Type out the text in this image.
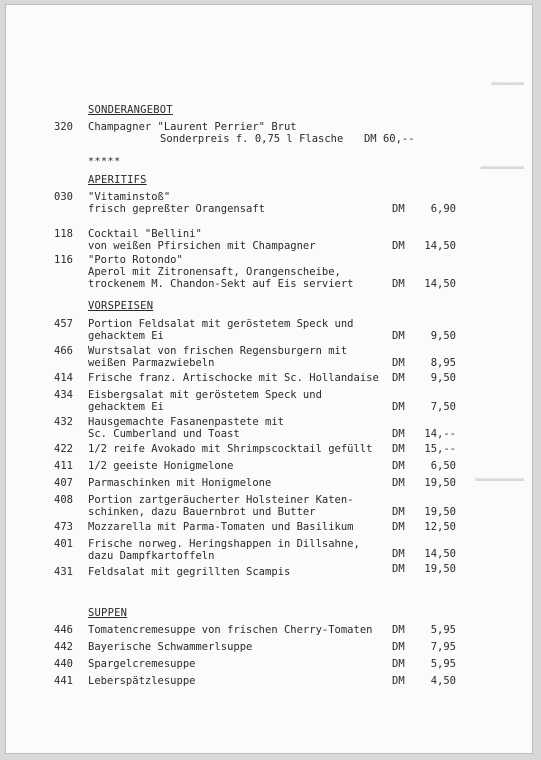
▬▬▬▬▬▬
▬▬▬▬▬▬▬▬
▬▬▬▬▬▬▬▬▬
SONDERANGEBOT
320	Champagner "Laurent Perrier" Brut
Sonderpreis f. 0,75 l Flasche DM 60,--
*****
APERITIFS
030	"Vitaminstoß"
frisch gepreßter Orangensaft	DM 6,90
118	Cocktail "Bellini"
von weißen Pfirsichen mit Champagner	DM 14,50
116	"Porto Rotondo"
Aperol mit Zitronensaft, Orangenscheibe,
trockenem M. Chandon-Sekt auf Eis serviert	DM 14,50
VORSPEISEN
457	Portion Feldsalat mit geröstetem Speck und
gehacktem Ei	DM 9,50
466	Wurstsalat von frischen Regensburgern mit
weißen Parmazwiebeln	DM 8,95
414	Frische franz. Artischocke mit Sc. Hollandaise	DM 9,50
434	Eisbergsalat mit geröstetem Speck und
gehacktem Ei	DM 7,50
432	Hausgemachte Fasanenpastete mit
Sc. Cumberland und Toast	DM 14,--
422	1/2 reife Avokado mit Shrimpscocktail gefüllt	DM 15,--
411	1/2 geeiste Honigmelone	DM 6,50
407	Parmaschinken mit Honigmelone	DM 19,50
408	Portion zartgeräucherter Holsteiner Katen-
schinken, dazu Bauernbrot und Butter	DM 19,50
473	Mozzarella mit Parma-Tomaten und Basilikum	DM 12,50
401	Frische norweg. Heringshappen in Dillsahne,
dazu Dampfkartoffeln	DM 14,50
431	Feldsalat mit gegrillten Scampis	DM 19,50
SUPPEN
446	Tomatencremesuppe von frischen Cherry-Tomaten	DM 5,95
442	Bayerische Schwammerlsuppe	DM 7,95
440	Spargelcremesuppe	DM 5,95
441	Leberspätzlesuppe	DM 4,50
